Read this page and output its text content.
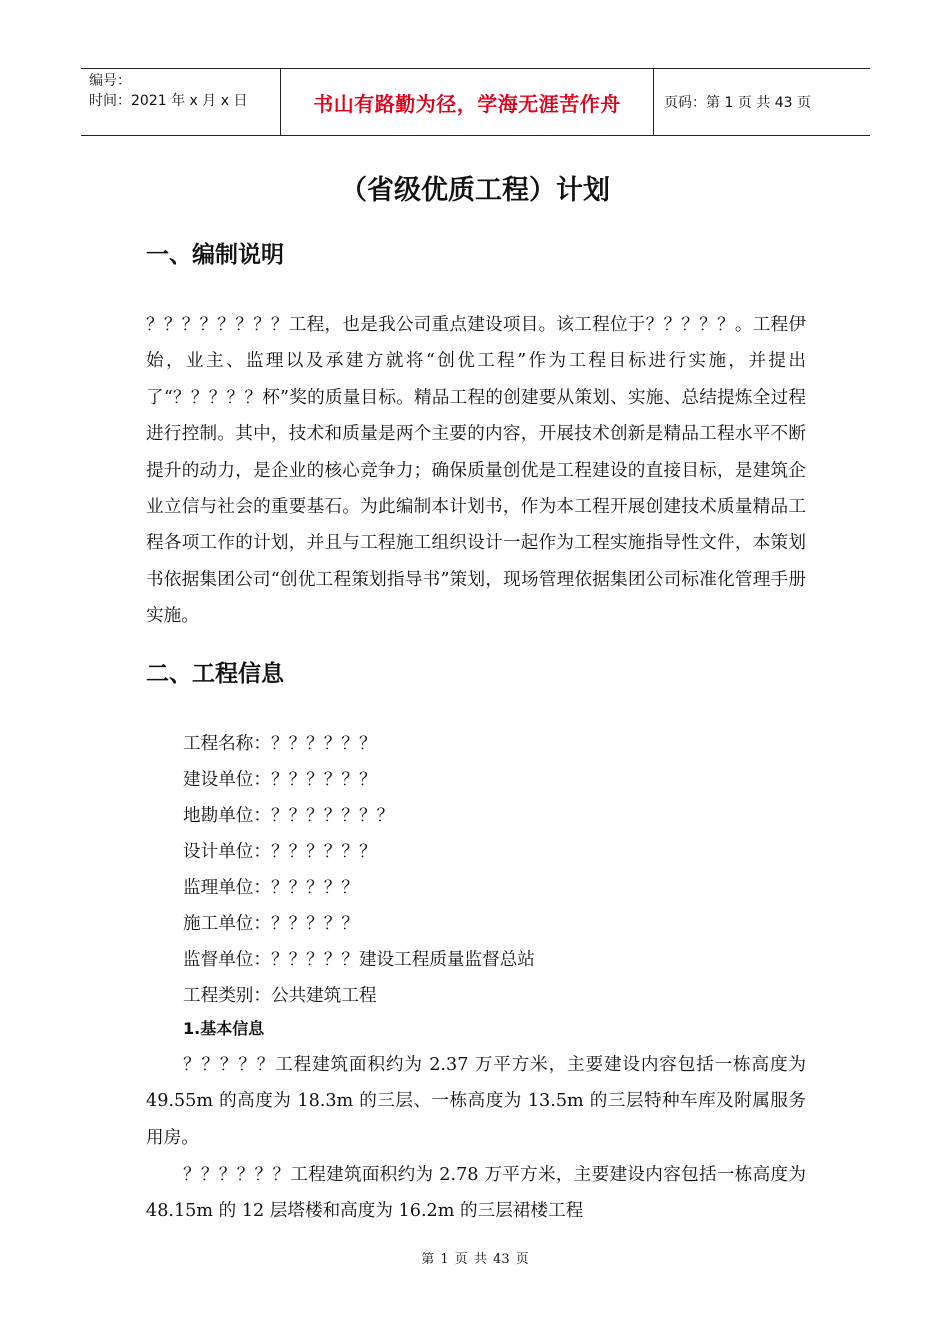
编号：
时间：2021 年 x 月 x 日	书山有路勤为径，学海无涯苦作舟	页码：第 1 页 共 43 页
（省级优质工程）计划
一、编制说明

？？？？？？？？工程，也是我公司重点建设项目。该工程位于？？？？？。工程伊始，业主、监理以及承建方就将“创优工程”作为工程目标进行实施，并提出了“？？？？？杯”奖的质量目标。精品工程的创建要从策划、实施、总结提炼全过程进行控制。其中，技术和质量是两个主要的内容，开展技术创新是精品工程水平不断提升的动力，是企业的核心竞争力；确保质量创优是工程建设的直接目标，是建筑企业立信与社会的重要基石。为此编制本计划书，作为本工程开展创建技术质量精品工程各项工作的计划，并且与工程施工组织设计一起作为工程实施指导性文件，本策划书依据集团公司“创优工程策划指导书”策划，现场管理依据集团公司标准化管理手册实施。

二、工程信息
工程名称：？？？？？？
建设单位：？？？？？？
地勘单位：？？？？？？？
设计单位：？？？？？？
监理单位：？？？？？
施工单位：？？？？？
监督单位：？？？？？建设工程质量监督总站
工程类别：公共建筑工程
1.基本信息

？？？？？工程建筑面积约为 2.37 万平方米，主要建设内容包括一栋高度为 49.55m 的高度为 18.3m 的三层、一栋高度为 13.5m 的三层特种车库及附属服务用房。

？？？？？？工程建筑面积约为 2.78 万平方米，主要建设内容包括一栋高度为 48.15m 的 12 层塔楼和高度为 16.2m 的三层裙楼工程

第 1 页 共 43 页
